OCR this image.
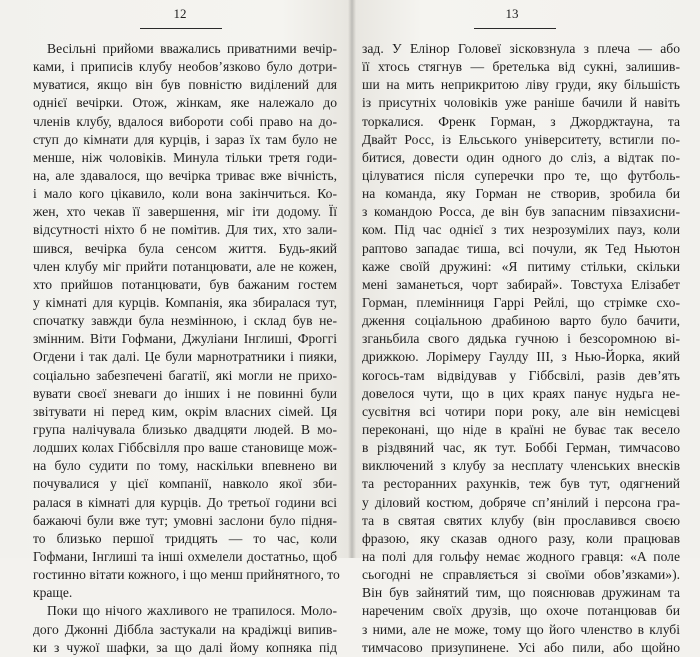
12
Весільні прийоми вважались приватними вечір-
ками, і приписів клубу необов’язково було дотри-
муватися, якщо він був повністю виділений для
однієї вечірки. Отож, жінкам, яке належало до
членів клубу, вдалося вибороти собі право на до-
ступ до кімнати для курців, і зараз їх там було не
менше, ніж чоловіків. Минула тільки третя годи-
на, але здавалося, що вечірка триває вже вічність,
і мало кого цікавило, коли вона закінчиться. Ко-
жен, хто чекав її завершення, міг іти додому. Її
відсутності ніхто б не помітив. Для тих, хто зали-
шився, вечірка була сенсом життя. Будь-який
член клубу міг прийти потанцювати, але не кожен,
хто прийшов потанцювати, був бажаним гостем
у кімнаті для курців. Компанія, яка збиралася тут,
спочатку завжди була незмінною, і склад був не-
змінним. Віти Гофмани, Джуліани Інглиші, Фроггі
Огдени і так далі. Це були марнотратники і пияки,
соціально забезпечені багатії, які могли не прихо-
вувати своєї зневаги до інших і не повинні були
звітувати ні перед ким, окрім власних сімей. Ця
група налічувала близько двадцяти людей. В мо-
лодших колах Гіббсвілля про ваше становище мож-
на було судити по тому, наскільки впевнено ви
почувалися у цієї компанії, навколо якої зби-
ралася в кімнаті для курців. До третьої години всі
бажаючі були вже тут; умовні заслони було підня-
то близько першої тридцять — то час, коли
Гофмани, Інглиші та інші охмелели достатньо, щоб
гостинно вітати кожного, і що менш прийнятного, то
краще.
Поки що нічого жахливого не трапилося. Моло-
дого Джонні Діббла застукали на крадіжці випив-
ки з чужої шафки, за що далі йому копняка під
13
зад. У Елінор Головеї зісковзнула з плеча — або
її хтось стягнув — бретелька від сукні, залишив-
ши на мить неприкритою ліву груди, яку більшість
із присутніх чоловіків уже раніше бачили й навіть
торкалися. Френк Горман, з Джорджтауна, та
Двайт Росс, із Ельського університету, встигли по-
битися, довести один одного до сліз, а відтак по-
цілуватися після суперечки про те, що футболь-
на команда, яку Горман не створив, зробила би
з командою Росса, де він був запасним півзахисни-
ком. Під час однієї з тих незрозумілих пауз, коли
раптово западає тиша, всі почули, як Тед Ньютон
каже своїй дружині: «Я питиму стільки, скільки
мені заманеться, чорт забирай». Товстуха Елізабет
Горман, племінниця Гаррі Рейлі, що стрімке схо-
дження соціальною драбиною варто було бачити,
зганьбила свого дядька гучною і безсоромною ві-
дрижкою. Лорімеру Гаулду III, з Нью-Йорка, який
когось-там відвідував у Гіббсвілі, разів дев’ять
довелося чути, що в цих краях панує нудьга не-
сусвітня всі чотири пори року, але він немісцеві
переконані, що ніде в країні не буває так весело
в різдвяний час, як тут. Боббі Герман, тимчасово
виключений з клубу за несплату членських внесків
та ресторанних рахунків, теж був тут, одягнений
у діловий костюм, добряче сп’янілий і персона гра-
та в святая святих клубу (він прославився своєю
фразою, яку сказав одного разу, коли працював
на полі для гольфу немає жодного гравця: «А поле
сьогодні не справляється зі своїми обов’язками»).
Він був зайнятий тим, що пояснював дружинам та
нареченим своїх друзів, що охоче потанцював би
з ними, але не може, тому що його членство в клубі
тимчасово призупинене. Усі або пили, або щойно
